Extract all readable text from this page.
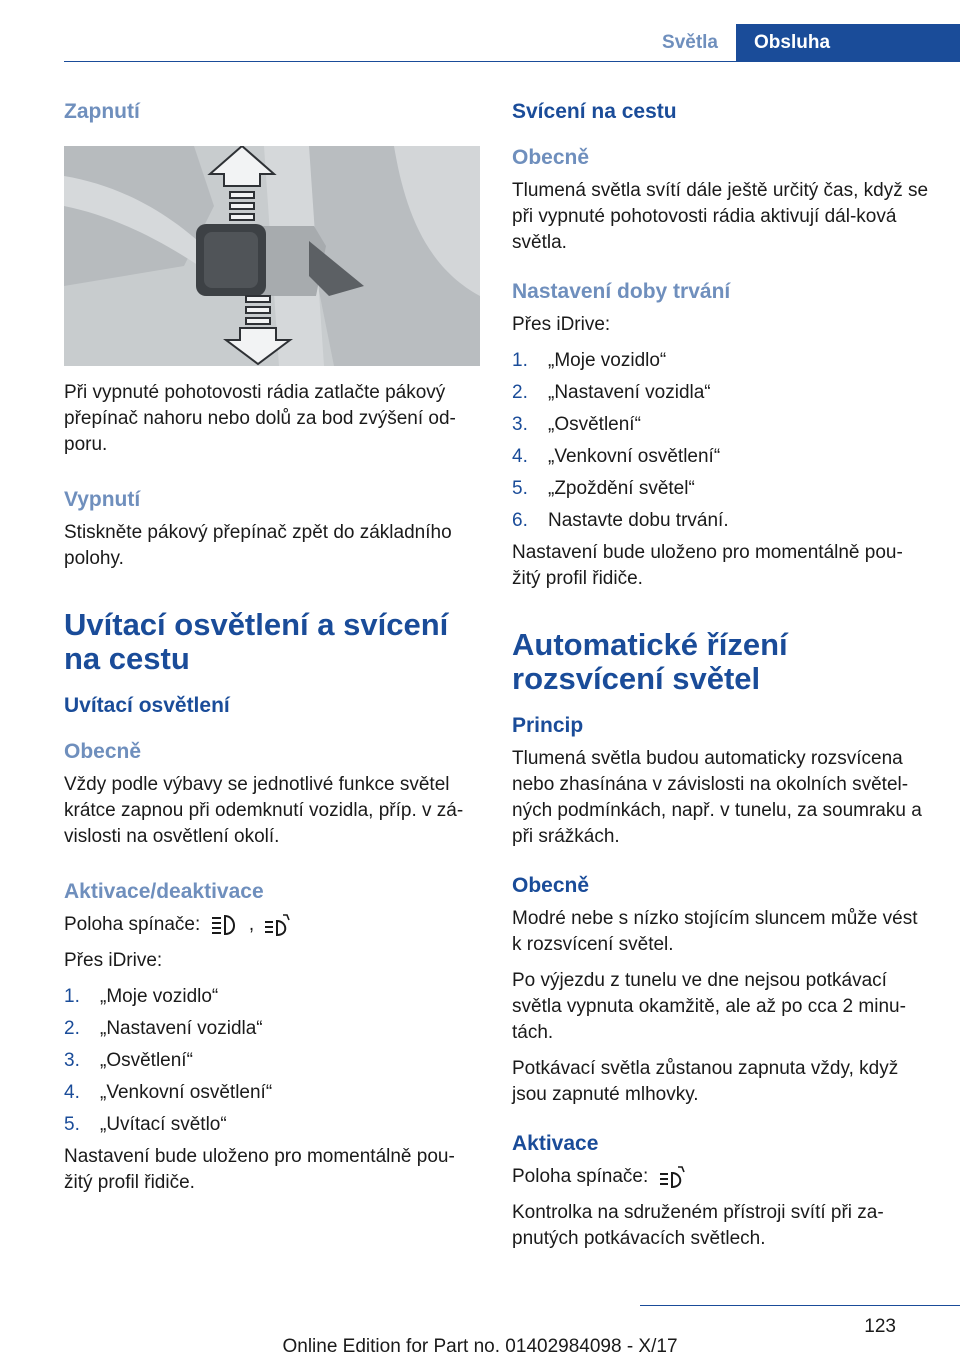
Světla	Obsluha
Zapnutí

Při vypnuté pohotovosti rádia zatlačte pákový přepínač nahoru nebo dolů za bod zvýšení od-poru.

Vypnutí

Stiskněte pákový přepínač zpět do základního polohy.

Uvítací osvětlení a svícení na cestu
Uvítací osvětlení
Obecně

Vždy podle výbavy se jednotlivé funkce světel krátce zapnou při odemknutí vozidla, příp. v zá-vislosti na osvětlení okolí.

Aktivace/deaktivace

Poloha spínače:	,

Přes iDrive:

1.	„Moje vozidlo“
2.	„Nastavení vozidla“
3.	„Osvětlení“
4.	„Venkovní osvětlení“
5.	„Uvítací světlo“

Nastavení bude uloženo pro momentálně pou-žitý profil řidiče.

Svícení na cestu
Obecně

Tlumená světla svítí dále ještě určitý čas, když se při vypnuté pohotovosti rádia aktivují dál-ková světla.

Nastavení doby trvání

Přes iDrive:

1.	„Moje vozidlo“
2.	„Nastavení vozidla“
3.	„Osvětlení“
4.	„Venkovní osvětlení“
5.	„Zpoždění světel“
6.	Nastavte dobu trvání.

Nastavení bude uloženo pro momentálně pou-žitý profil řidiče.

Automatické řízení rozsvícení světel
Princip

Tlumená světla budou automaticky rozsvícena nebo zhasínána v závislosti na okolních světel-ných podmínkách, např. v tunelu, za soumraku a při srážkách.

Obecně

Modré nebe s nízko stojícím sluncem může vést k rozsvícení světel.

Po výjezdu z tunelu ve dne nejsou potkávací světla vypnuta okamžitě, ale až po cca 2 minu-tách.

Potkávací světla zůstanou zapnuta vždy, když jsou zapnuté mlhovky.

Aktivace

Poloha spínače:

Kontrolka na sdruženém přístroji svítí při za-pnutých potkávacích světlech.

123
Online Edition for Part no. 01402984098 - X/17
